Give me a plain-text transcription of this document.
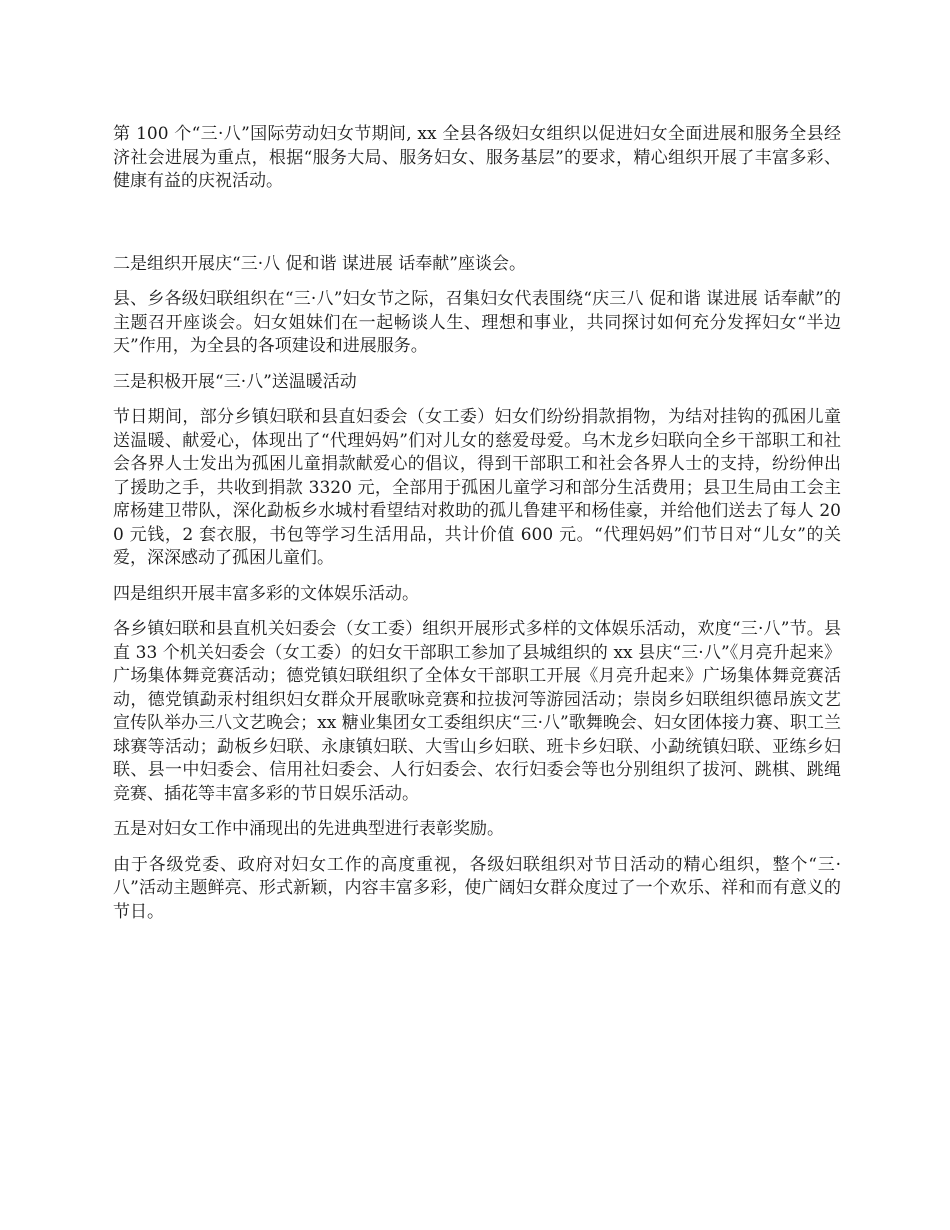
第 100 个“三·八”国际劳动妇女节期间, xx 全县各级妇女组织以促进妇女全面进展和服务全县经济社会进展为重点，根据“服务大局、服务妇女、服务基层”的要求，精心组织开展了丰富多彩、健康有益的庆祝活动。

二是组织开展庆“三·八 促和谐 谋进展 话奉献”座谈会。

县、乡各级妇联组织在“三·八”妇女节之际，召集妇女代表围绕“庆三八 促和谐 谋进展 话奉献”的主题召开座谈会。妇女姐妹们在一起畅谈人生、理想和事业，共同探讨如何充分发挥妇女“半边天”作用，为全县的各项建设和进展服务。

三是积极开展“三·八”送温暖活动

节日期间，部分乡镇妇联和县直妇委会（女工委）妇女们纷纷捐款捐物，为结对挂钩的孤困儿童送温暖、献爱心，体现出了“代理妈妈”们对儿女的慈爱母爱。乌木龙乡妇联向全乡干部职工和社会各界人士发出为孤困儿童捐款献爱心的倡议，得到干部职工和社会各界人士的支持，纷纷伸出了援助之手，共收到捐款 3320 元，全部用于孤困儿童学习和部分生活费用；县卫生局由工会主席杨建卫带队，深化勐板乡水城村看望结对救助的孤儿鲁建平和杨佳豪，并给他们送去了每人 200 元钱，2 套衣服，书包等学习生活用品，共计价值 600 元。“代理妈妈”们节日对“儿女”的关爱，深深感动了孤困儿童们。

四是组织开展丰富多彩的文体娱乐活动。

各乡镇妇联和县直机关妇委会（女工委）组织开展形式多样的文体娱乐活动，欢度“三·八”节。县直 33 个机关妇委会（女工委）的妇女干部职工参加了县城组织的 xx 县庆“三·八”《月亮升起来》广场集体舞竞赛活动；德党镇妇联组织了全体女干部职工开展《月亮升起来》广场集体舞竞赛活动，德党镇勐汞村组织妇女群众开展歌咏竞赛和拉拔河等游园活动；崇岗乡妇联组织德昂族文艺宣传队举办三八文艺晚会；xx 糖业集团女工委组织庆“三·八”歌舞晚会、妇女团体接力赛、职工兰球赛等活动；勐板乡妇联、永康镇妇联、大雪山乡妇联、班卡乡妇联、小勐统镇妇联、亚练乡妇联、县一中妇委会、信用社妇委会、人行妇委会、农行妇委会等也分别组织了拔河、跳棋、跳绳竞赛、插花等丰富多彩的节日娱乐活动。

五是对妇女工作中涌现出的先进典型进行表彰奖励。

由于各级党委、政府对妇女工作的高度重视，各级妇联组织对节日活动的精心组织，整个“三·八”活动主题鲜亮、形式新颖，内容丰富多彩，使广阔妇女群众度过了一个欢乐、祥和而有意义的节日。
